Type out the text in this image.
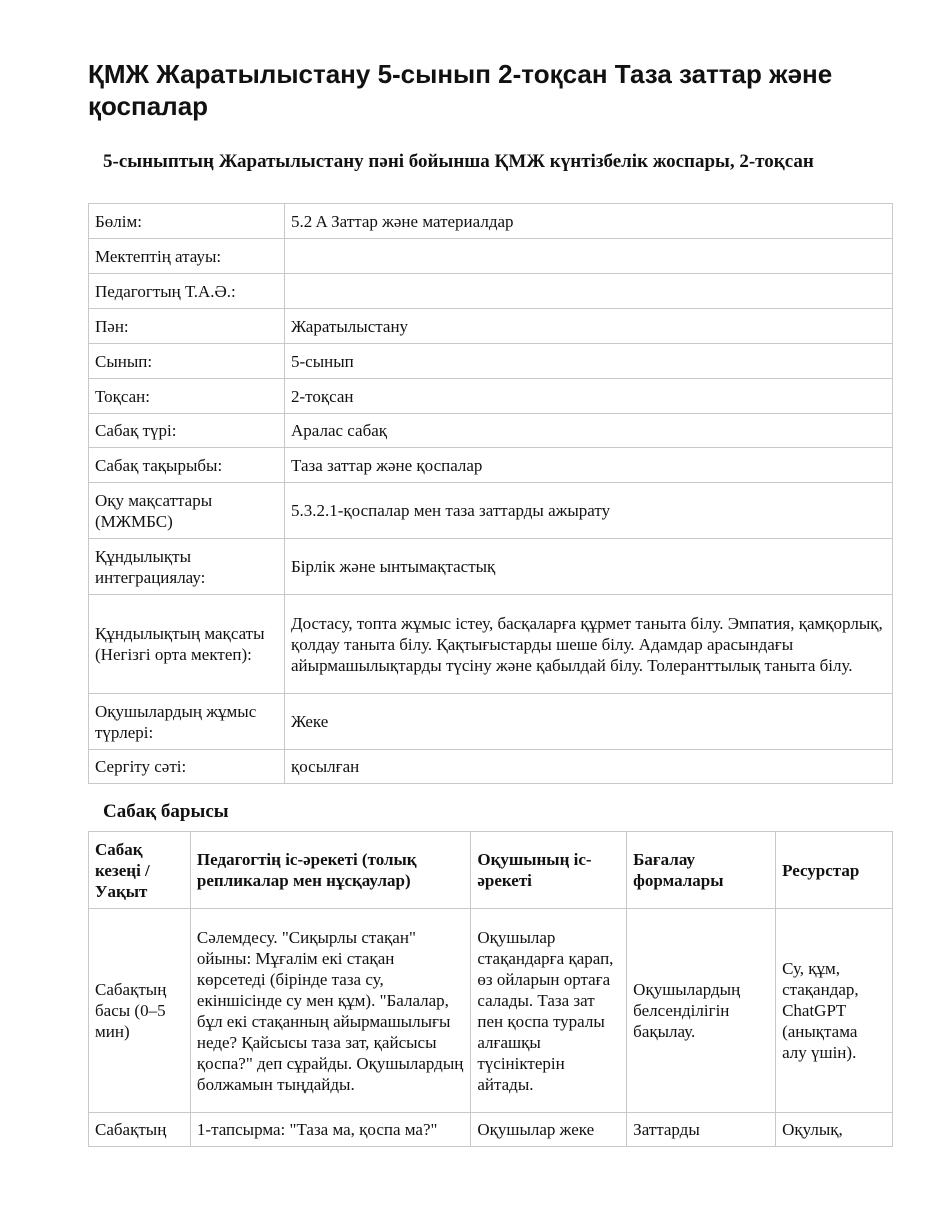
ҚМЖ Жаратылыстану 5-сынып 2-тоқсан Таза заттар және қоспалар
5-сыныптың Жаратылыстану пәні бойынша ҚМЖ күнтізбелік жоспары, 2-тоқсан
Бөлім:	5.2 A Заттар және материалдар
Мектептің атауы:	
Педагогтың Т.А.Ә.:	
Пән:	Жаратылыстану
Сынып:	5-сынып
Тоқсан:	2-тоқсан
Сабақ түрі:	Аралас сабақ
Сабақ тақырыбы:	Таза заттар және қоспалар
Оқу мақсаттары (МЖМБС)	5.3.2.1-қоспалар мен таза заттарды ажырату
Құндылықты интеграциялау:	Бірлік және ынтымақтастық
Құндылықтың мақсаты (Негізгі орта мектеп):	Достасу, топта жұмыс істеу, басқаларға құрмет таныта білу. Эмпатия, қамқорлық, қолдау таныта білу. Қақтығыстарды шеше білу. Адамдар арасындағы айырмашылықтарды түсіну және қабылдай білу. Толеранттылық таныта білу.
Оқушылардың жұмыс түрлері:	Жеке
Сергіту сәті:	қосылған
Сабақ барысы
Сабақ кезеңі / Уақыт	Педагогтің іс-әрекеті (толық репликалар мен нұсқаулар)	Оқушының іс-әрекеті	Бағалау формалары	Ресурстар
Сабақтың басы (0–5 мин)	Сәлемдесу. "Сиқырлы стақан" ойыны: Мұғалім екі стақан көрсетеді (бірінде таза су, екіншісінде су мен құм). "Балалар, бұл екі стақанның айырмашылығы неде? Қайсысы таза зат, қайсысы қоспа?" деп сұрайды. Оқушылардың болжамын тыңдайды.	Оқушылар стақандарға қарап, өз ойларын ортаға салады. Таза зат пен қоспа туралы алғашқы түсініктерін айтады.	Оқушылардың белсенділігін бақылау.	Су, құм, стақандар, ChatGPT (анықтама алу үшін).
Сабақтың	1-тапсырма: "Таза ма, қоспа ма?"	Оқушылар жеке	Заттарды	Оқулық,
